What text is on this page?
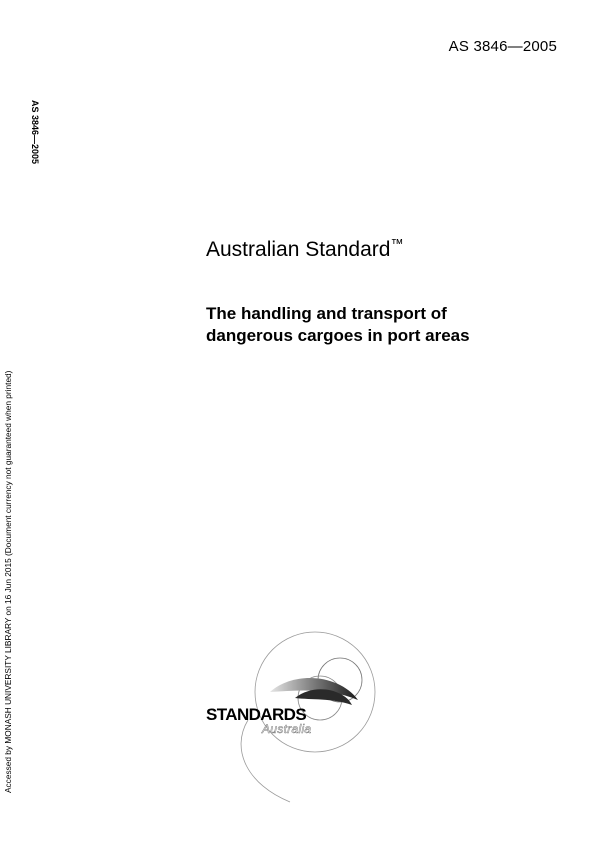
AS 3846—2005
AS 3846—2005
Accessed by MONASH UNIVERSITY LIBRARY on 16 Jun 2015 (Document currency not guaranteed when printed)
Australian Standard™
The handling and transport of
dangerous cargoes in port areas
STANDARDS
Australia
